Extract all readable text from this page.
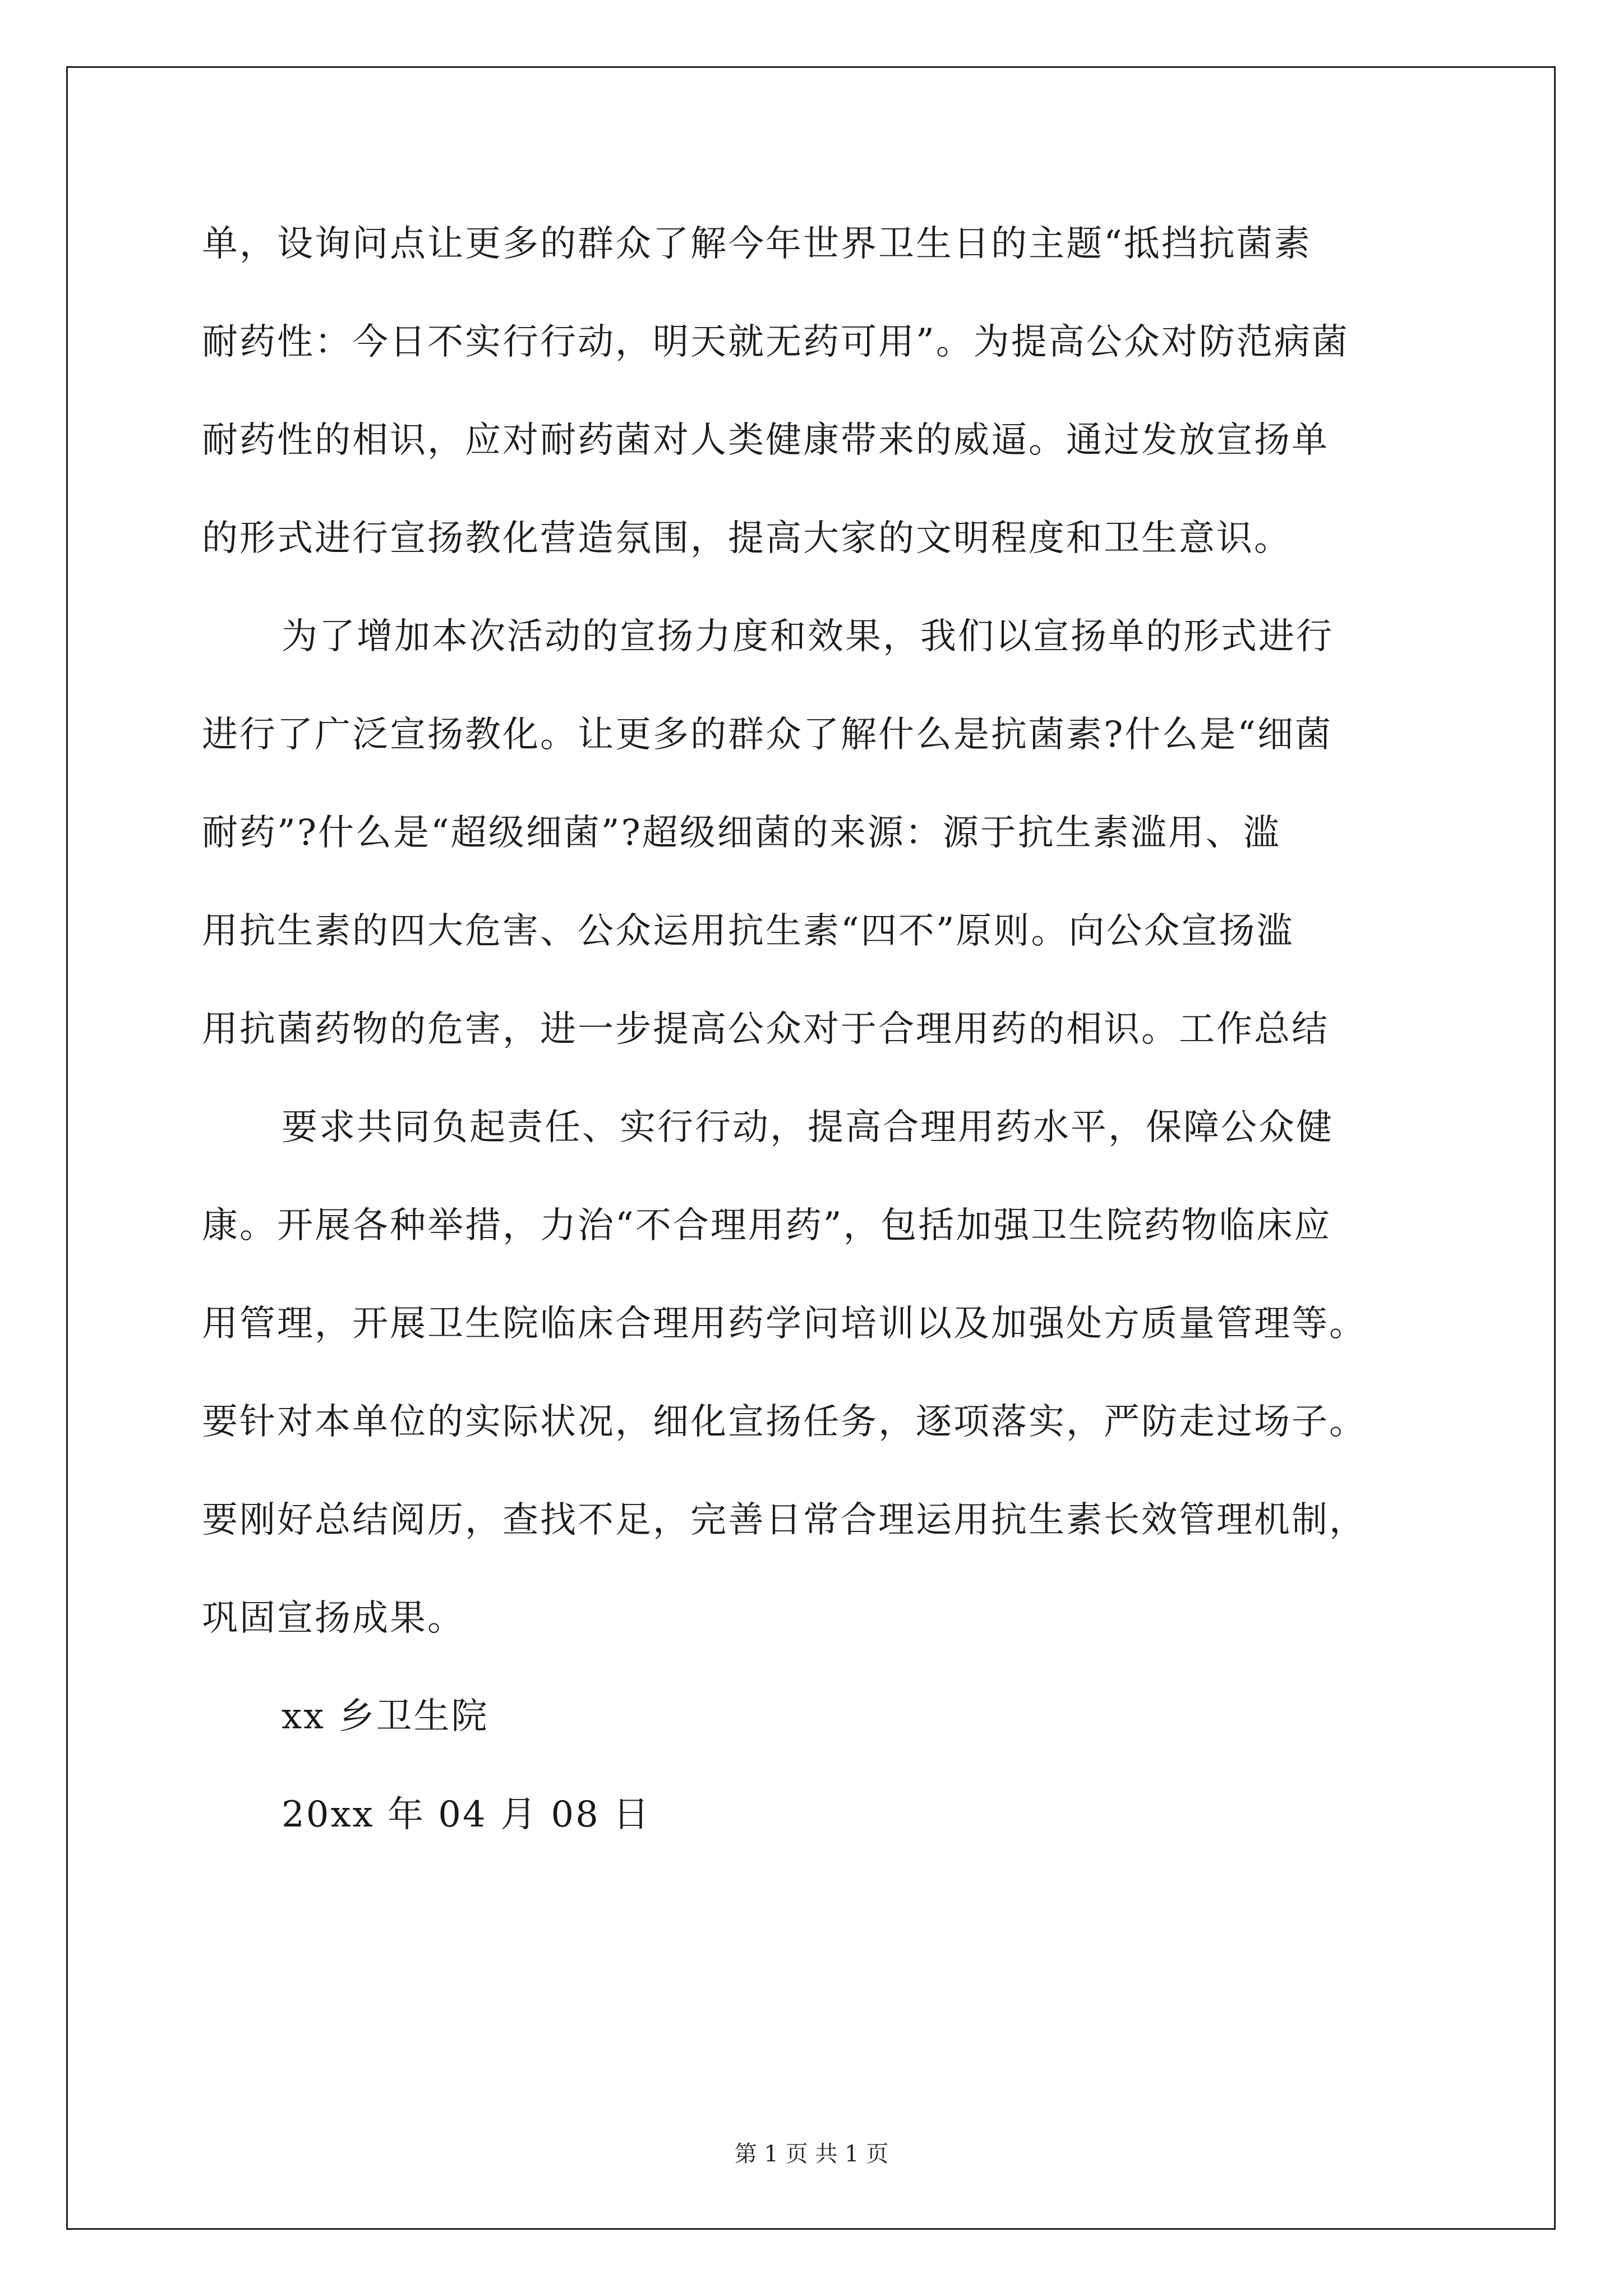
单，设询问点让更多的群众了解今年世界卫生日的主题“抵挡抗菌素
耐药性：今日不实行行动，明天就无药可用”。为提高公众对防范病菌
耐药性的相识，应对耐药菌对人类健康带来的威逼。通过发放宣扬单
的形式进行宣扬教化营造氛围，提高大家的文明程度和卫生意识。
为了增加本次活动的宣扬力度和效果，我们以宣扬单的形式进行
进行了广泛宣扬教化。让更多的群众了解什么是抗菌素?什么是“细菌
耐药”?什么是“超级细菌”?超级细菌的来源：源于抗生素滥用、滥
用抗生素的四大危害、公众运用抗生素“四不”原则。向公众宣扬滥
用抗菌药物的危害，进一步提高公众对于合理用药的相识。工作总结
要求共同负起责任、实行行动，提高合理用药水平，保障公众健
康。开展各种举措，力治“不合理用药”，包括加强卫生院药物临床应
用管理，开展卫生院临床合理用药学问培训以及加强处方质量管理等。
要针对本单位的实际状况，细化宣扬任务，逐项落实，严防走过场子。
要刚好总结阅历，查找不足，完善日常合理运用抗生素长效管理机制，
巩固宣扬成果。
xx 乡卫生院
20xx 年 04 月 08 日
第 1 页 共 1 页
